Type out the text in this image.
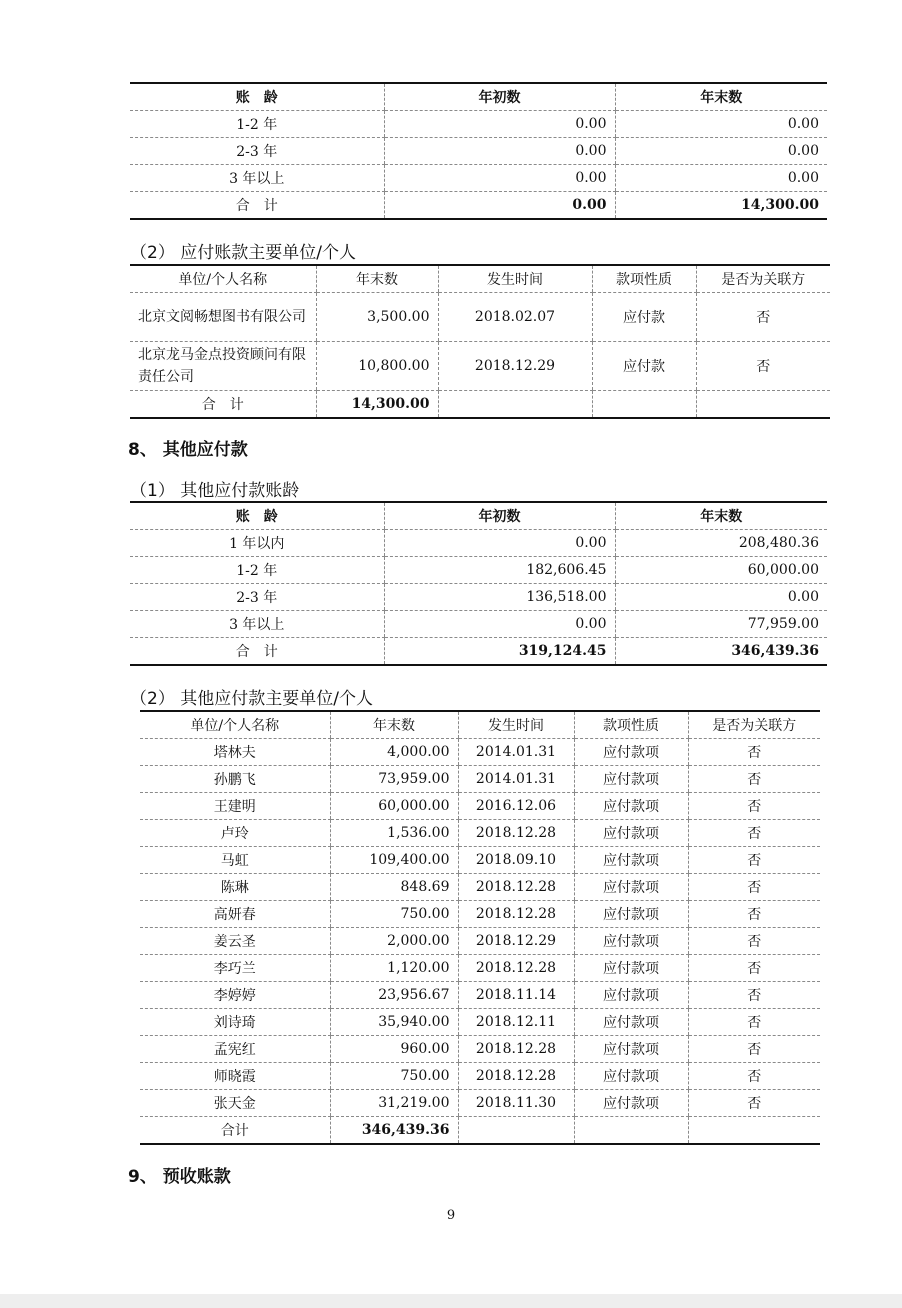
账　龄	年初数	年末数
1-2 年	0.00	0.00
2-3 年	0.00	0.00
3 年以上	0.00	0.00
合　计	0.00	14,300.00
（2） 应付账款主要单位/个人
单位/个人名称	年末数	发生时间	款项性质	是否为关联方
北京文阅畅想图书有限公司	3,500.00	2018.02.07	应付款	否
北京龙马金点投资顾问有限责任公司	10,800.00	2018.12.29	应付款	否
合　计	14,300.00			
8、 其他应付款
（1） 其他应付款账龄
账　龄	年初数	年末数
1 年以内	0.00	208,480.36
1-2 年	182,606.45	60,000.00
2-3 年	136,518.00	0.00
3 年以上	0.00	77,959.00
合　计	319,124.45	346,439.36
（2） 其他应付款主要单位/个人
单位/个人名称	年末数	发生时间	款项性质	是否为关联方
塔林夫	4,000.00	2014.01.31	应付款项	否
孙鹏飞	73,959.00	2014.01.31	应付款项	否
王建明	60,000.00	2016.12.06	应付款项	否
卢玲	1,536.00	2018.12.28	应付款项	否
马虹	109,400.00	2018.09.10	应付款项	否
陈琳	848.69	2018.12.28	应付款项	否
高妍春	750.00	2018.12.28	应付款项	否
姜云圣	2,000.00	2018.12.29	应付款项	否
李巧兰	1,120.00	2018.12.28	应付款项	否
李婷婷	23,956.67	2018.11.14	应付款项	否
刘诗琦	35,940.00	2018.12.11	应付款项	否
孟宪红	960.00	2018.12.28	应付款项	否
师晓霞	750.00	2018.12.28	应付款项	否
张天金	31,219.00	2018.11.30	应付款项	否
合计	346,439.36			
9、 预收账款
9
